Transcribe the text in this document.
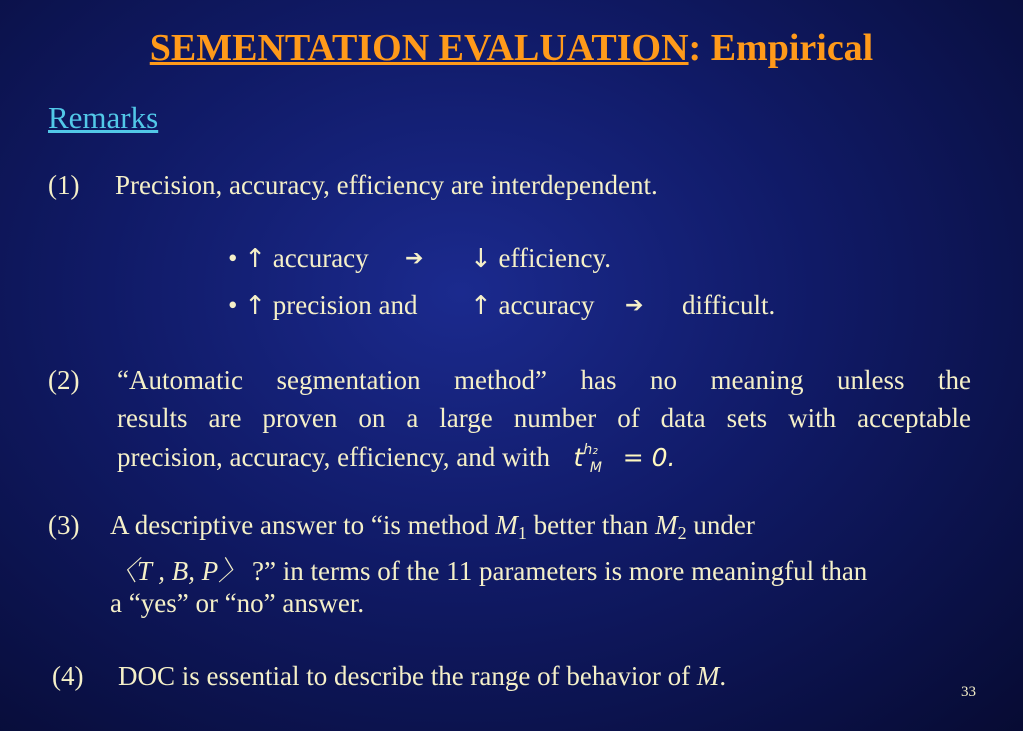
SEMENTATION EVALUATION: Empirical
Remarks
(1) Precision, accuracy, efficiency are interdependent.
• ↑ accuracy ➔ ↓ efficiency.
• ↑ precision and ↑ accuracy ➔ difficult.
(2) “Automatic segmentation method” has no meaning unless the
results are proven on a large number of data sets with acceptable
precision, accuracy, efficiency, and with $t^{h_2}_M = 0$.
(3) A descriptive answer to “is method $M_1$ better than $M_2$ under
〈T , B, P〉 ?” in terms of the 11 parameters is more meaningful than
a “yes” or “no” answer.
(4) DOC is essential to describe the range of behavior of M.
33
